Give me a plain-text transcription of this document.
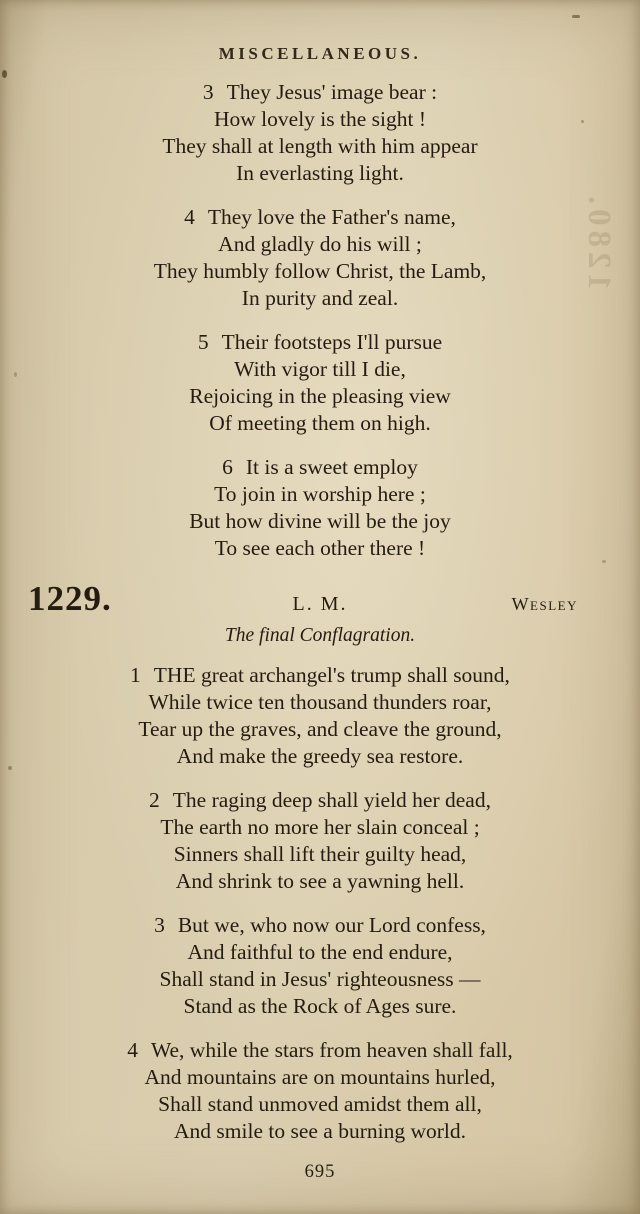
MISCELLANEOUS.
1280.
3 They Jesus' image bear :
How lovely is the sight !
They shall at length with him appear
In everlasting light.
4 They love the Father's name,
And gladly do his will ;
They humbly follow Christ, the Lamb,
In purity and zeal.
5 Their footsteps I'll pursue
With vigor till I die,
Rejoicing in the pleasing view
Of meeting them on high.
6 It is a sweet employ
To join in worship here ;
But how divine will be the joy
To see each other there !
1229.	L. M.	Wesley
The final Conflagration.
1 THE great archangel's trump shall sound,
While twice ten thousand thunders roar,
Tear up the graves, and cleave the ground,
And make the greedy sea restore.
2 The raging deep shall yield her dead,
The earth no more her slain conceal ;
Sinners shall lift their guilty head,
And shrink to see a yawning hell.
3 But we, who now our Lord confess,
And faithful to the end endure,
Shall stand in Jesus' righteousness —
Stand as the Rock of Ages sure.
4 We, while the stars from heaven shall fall,
And mountains are on mountains hurled,
Shall stand unmoved amidst them all,
And smile to see a burning world.
695
